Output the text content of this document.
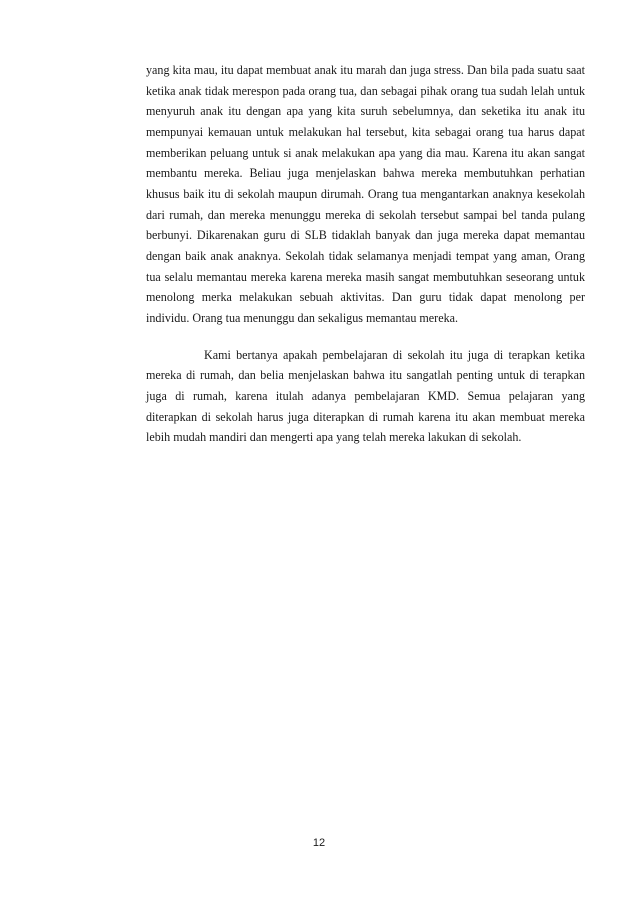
yang kita mau, itu dapat membuat anak itu marah dan juga stress. Dan bila pada suatu saat ketika anak tidak merespon pada orang tua, dan sebagai pihak orang tua sudah lelah untuk menyuruh anak itu dengan apa yang kita suruh sebelumnya, dan seketika itu anak itu mempunyai kemauan untuk melakukan hal tersebut, kita sebagai orang tua harus dapat memberikan peluang untuk si anak melakukan apa yang dia mau. Karena itu akan sangat membantu mereka. Beliau juga menjelaskan bahwa mereka membutuhkan perhatian khusus baik itu di sekolah maupun dirumah. Orang tua mengantarkan anaknya kesekolah dari rumah, dan mereka menunggu mereka di sekolah tersebut sampai bel tanda pulang berbunyi. Dikarenakan guru di SLB tidaklah banyak dan juga mereka dapat memantau dengan baik anak anaknya. Sekolah tidak selamanya menjadi tempat yang aman, Orang tua selalu memantau mereka karena mereka masih sangat membutuhkan seseorang untuk menolong merka melakukan sebuah aktivitas. Dan guru tidak dapat menolong per individu. Orang tua menunggu dan sekaligus memantau mereka.

Kami bertanya apakah pembelajaran di sekolah itu juga di terapkan ketika mereka di rumah, dan belia menjelaskan bahwa itu sangatlah penting untuk di terapkan juga di rumah, karena itulah adanya pembelajaran KMD. Semua pelajaran yang diterapkan di sekolah harus juga diterapkan di rumah karena itu akan membuat mereka lebih mudah mandiri dan mengerti apa yang telah mereka lakukan di sekolah.

12
